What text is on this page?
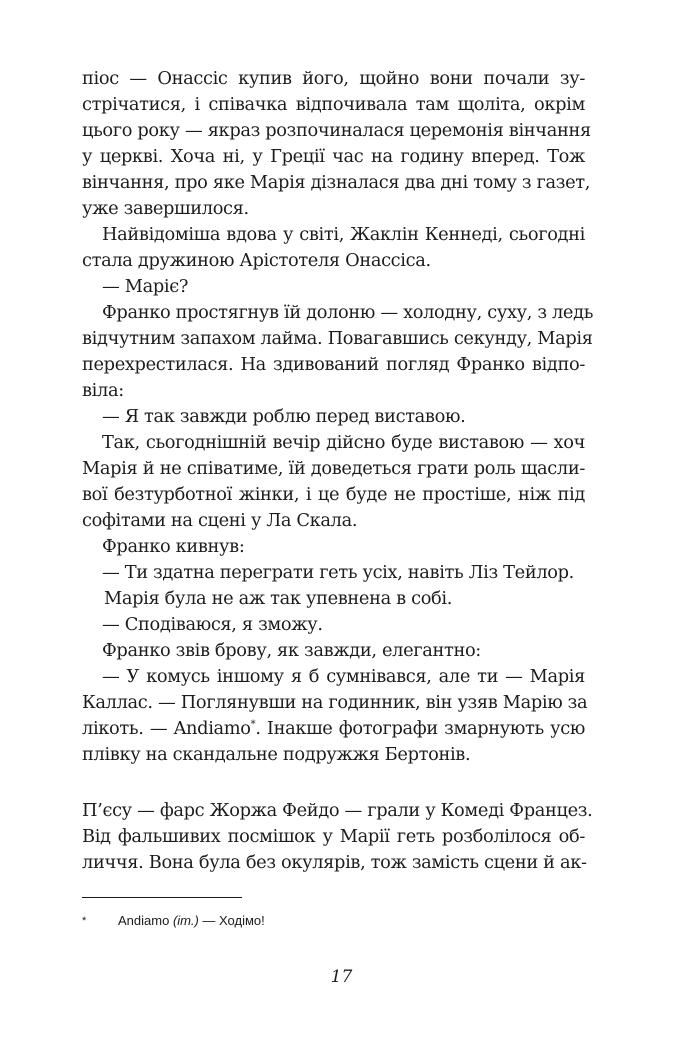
піос — Онассіс купив його, щойно вони почали зу-
стрічатися, і співачка відпочивала там щоліта, окрім
цього року — якраз розпочиналася церемонія вінчання
у церкві. Хоча ні, у Греції час на годину вперед. Тож
вінчання, про яке Марія дізналася два дні тому з газет,
уже завершилося.
Найвідоміша вдова у світі, Жаклін Кеннеді, сьогодні
стала дружиною Арістотеля Онассіса.
— Маріє?
Франко простягнув їй долоню — холодну, суху, з ледь
відчутним запахом лайма. Повагавшись секунду, Марія
перехрестилася. На здивований погляд Франко відпо-
віла:
— Я так завжди роблю перед виставою.
Так, сьогоднішній вечір дійсно буде виставою — хоч
Марія й не співатиме, їй доведеться грати роль щасли-
вої безтурботної жінки, і це буде не простіше, ніж під
софітами на сцені у Ла Скала.
Франко кивнув:
— Ти здатна переграти геть усіх, навіть Ліз Тейлор.
Марія була не аж так упевнена в собі.
— Сподіваюся, я зможу.
Франко звів брову, як завжди, елегантно:
— У комусь іншому я б сумнівався, але ти — Марія
Каллас. — Поглянувши на годинник, він узяв Марію за
лікоть. — Andiamo*. Інакше фотографи змарнують усю
плівку на скандальне подружжя Бертонів.
П’єсу — фарс Жоржа Фейдо — грали у Комеді Францез.
Від фальшивих посмішок у Марії геть розболілося об-
личчя. Вона була без окулярів, тож замість сцени й ак-
* Andiamo (іт.) — Ходімо!
17
